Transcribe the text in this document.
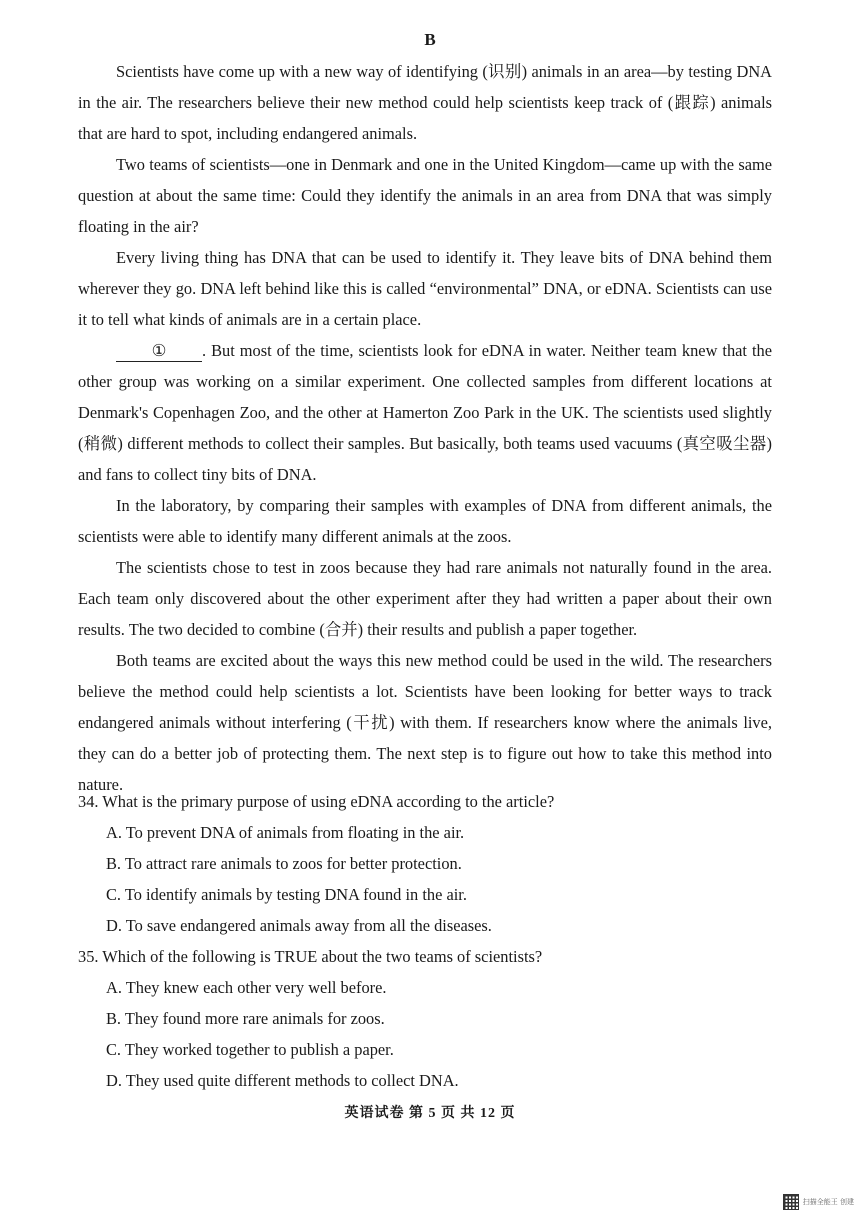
B

Scientists have come up with a new way of identifying (识别) animals in an area—by testing DNA in the air. The researchers believe their new method could help scientists keep track of (跟踪) animals that are hard to spot, including endangered animals.

Two teams of scientists—one in Denmark and one in the United Kingdom—came up with the same question at about the same time: Could they identify the animals in an area from DNA that was simply floating in the air?

Every living thing has DNA that can be used to identify it. They leave bits of DNA behind them wherever they go. DNA left behind like this is called “environmental” DNA, or eDNA. Scientists can use it to tell what kinds of animals are in a certain place.

① . But most of the time, scientists look for eDNA in water. Neither team knew that the other group was working on a similar experiment. One collected samples from different locations at Denmark's Copenhagen Zoo, and the other at Hamerton Zoo Park in the UK. The scientists used slightly (稍微) different methods to collect their samples. But basically, both teams used vacuums (真空吸尘器) and fans to collect tiny bits of DNA.

In the laboratory, by comparing their samples with examples of DNA from different animals, the scientists were able to identify many different animals at the zoos.

The scientists chose to test in zoos because they had rare animals not naturally found in the area. Each team only discovered about the other experiment after they had written a paper about their own results. The two decided to combine (合并) their results and publish a paper together.

Both teams are excited about the ways this new method could be used in the wild. The researchers believe the method could help scientists a lot. Scientists have been looking for better ways to track endangered animals without interfering (干扰) with them. If researchers know where the animals live, they can do a better job of protecting them. The next step is to figure out how to take this method into nature.

34. What is the primary purpose of using eDNA according to the article?

A. To prevent DNA of animals from floating in the air.

B. To attract rare animals to zoos for better protection.

C. To identify animals by testing DNA found in the air.

D. To save endangered animals away from all the diseases.

35. Which of the following is TRUE about the two teams of scientists?

A. They knew each other very well before.

B. They found more rare animals for zoos.

C. They worked together to publish a paper.

D. They used quite different methods to collect DNA.

英语试卷 第 5 页 共 12 页
扫描全能王 创建
